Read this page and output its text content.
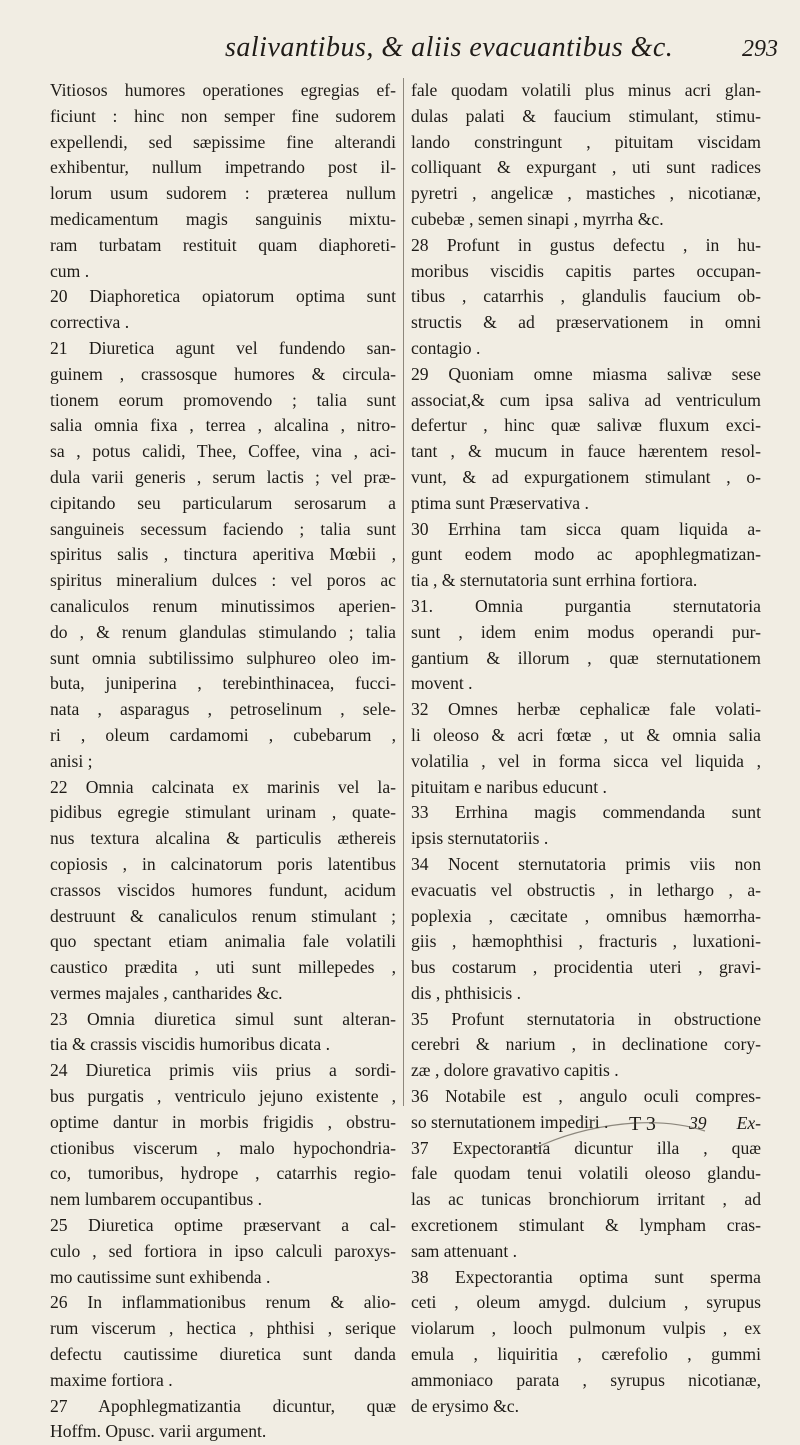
salivantibus, & aliis evacuantibus &c.	293
Vitiosos humores operationes egregias ef-
ficiunt : hinc non semper fine sudorem
expellendi, sed sæpissime fine alterandi
exhibentur, nullum impetrando post il-
lorum usum sudorem : præterea nullum
medicamentum magis sanguinis mixtu-
ram turbatam restituit quam diaphoreti-
cum .
20 Diaphoretica opiatorum optima sunt
correctiva .
21 Diuretica agunt vel fundendo san-
guinem , crassosque humores & circula-
tionem eorum promovendo ; talia sunt
salia omnia fixa , terrea , alcalina , nitro-
sa , potus calidi, Thee, Coffee, vina , aci-
dula varii generis , serum lactis ; vel præ-
cipitando seu particularum serosarum a
sanguineis secessum faciendo ; talia sunt
spiritus salis , tinctura aperitiva Mœbii ,
spiritus mineralium dulces : vel poros ac
canaliculos renum minutissimos aperien-
do , & renum glandulas stimulando ; talia
sunt omnia subtilissimo sulphureo oleo im-
buta, juniperina , terebinthinacea, fucci-
nata , asparagus , petroselinum , sele-
ri , oleum cardamomi , cubebarum ,
anisi ;
22 Omnia calcinata ex marinis vel la-
pidibus egregie stimulant urinam , quate-
nus textura alcalina & particulis æthereis
copiosis , in calcinatorum poris latentibus
crassos viscidos humores fundunt, acidum
destruunt & canaliculos renum stimulant ;
quo spectant etiam animalia fale volatili
caustico prædita , uti sunt millepedes ,
vermes majales , cantharides &c.
23 Omnia diuretica simul sunt alteran-
tia & crassis viscidis humoribus dicata .
24 Diuretica primis viis prius a sordi-
bus purgatis , ventriculo jejuno existente ,
optime dantur in morbis frigidis , obstru-
ctionibus viscerum , malo hypochondria-
co, tumoribus, hydrope , catarrhis regio-
nem lumbarem occupantibus .
25 Diuretica optime præservant a cal-
culo , sed fortiora in ipso calculi paroxys-
mo cautissime sunt exhibenda .
26 In inflammationibus renum & alio-
rum viscerum , hectica , phthisi , serique
defectu cautissime diuretica sunt danda
maxime fortiora .
27 Apophlegmatizantia dicuntur, quæ
Hoffm. Opusc. varii argument.
fale quodam volatili plus minus acri glan-
dulas palati & faucium stimulant, stimu-
lando constringunt , pituitam viscidam
colliquant & expurgant , uti sunt radices
pyretri , angelicæ , mastiches , nicotianæ,
cubebæ , semen sinapi , myrrha &c.
28 Profunt in gustus defectu , in hu-
moribus viscidis capitis partes occupan-
tibus , catarrhis , glandulis faucium ob-
structis & ad præservationem in omni
contagio .
29 Quoniam omne miasma salivæ sese
associat,& cum ipsa saliva ad ventriculum
defertur , hinc quæ salivæ fluxum exci-
tant , & mucum in fauce hærentem resol-
vunt, & ad expurgationem stimulant , o-
ptima sunt Præservativa .
30 Errhina tam sicca quam liquida a-
gunt eodem modo ac apophlegmatizan-
tia , & sternutatoria sunt errhina fortiora.
31. Omnia purgantia sternutatoria
sunt , idem enim modus operandi pur-
gantium & illorum , quæ sternutationem
movent .
32 Omnes herbæ cephalicæ fale volati-
li oleoso & acri fœtæ , ut & omnia salia
volatilia , vel in forma sicca vel liquida ,
pituitam e naribus educunt .
33 Errhina magis commendanda sunt
ipsis sternutatoriis .
34 Nocent sternutatoria primis viis non
evacuatis vel obstructis , in lethargo , a-
poplexia , cæcitate , omnibus hæmorrha-
giis , hæmophthisi , fracturis , luxationi-
bus costarum , procidentia uteri , gravi-
dis , phthisicis .
35 Profunt sternutatoria in obstructione
cerebri & narium , in declinatione cory-
zæ , dolore gravativo capitis .
36 Notabile est , angulo oculi compres-
so sternutationem impediri .
37 Expectorantia dicuntur illa , quæ
fale quodam tenui volatili oleoso glandu-
las ac tunicas bronchiorum irritant , ad
excretionem stimulant & lympham cras-
sam attenuant .
38 Expectorantia optima sunt sperma
ceti , oleum amygd. dulcium , syrupus
violarum , looch pulmonum vulpis , ex
emula , liquiritia , cærefolio , gummi
ammoniaco parata , syrupus nicotianæ,
de erysimo &c.
T 3 39 Ex-
